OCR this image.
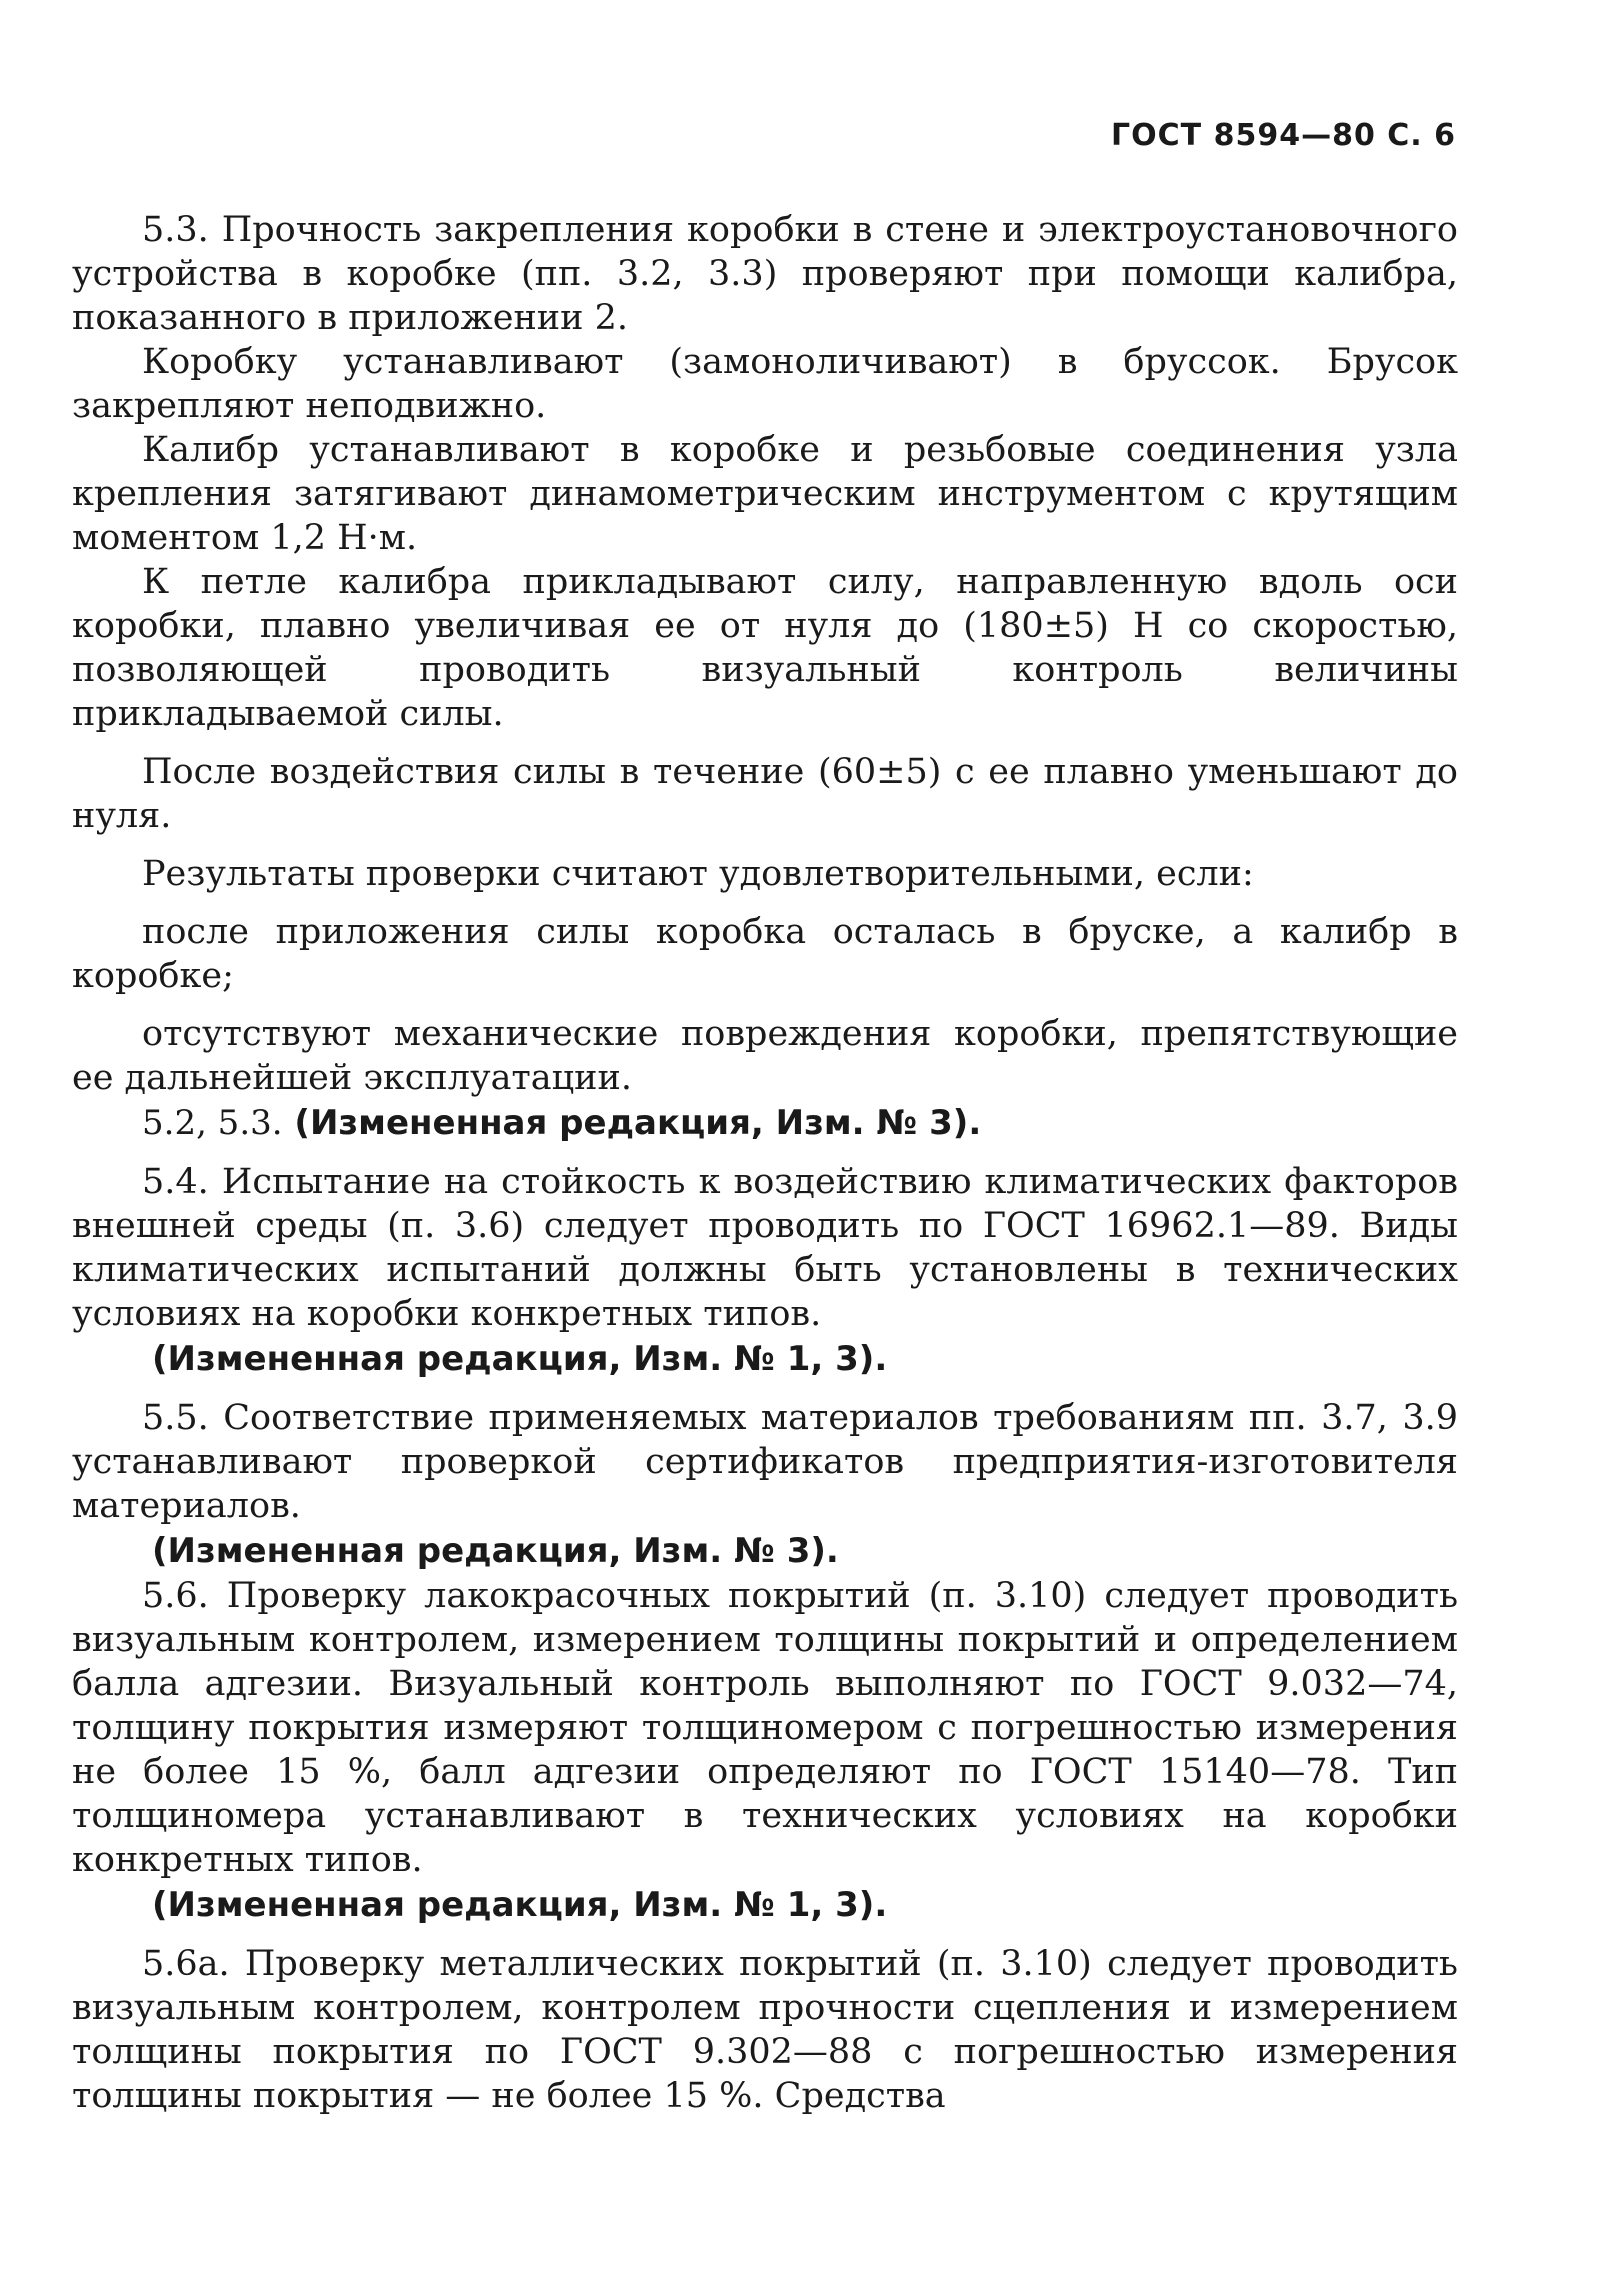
ГОСТ 8594—80 С. 6

5.3. Прочность закрепления коробки в стене и электроустановочного устройства в коробке (пп. 3.2, 3.3) проверяют при помощи калибра, показанного в приложении 2.

Коробку устанавливают (замоноличивают) в бруссок. Брусок закрепляют неподвижно.

Калибр устанавливают в коробке и резьбовые соединения узла крепления затягивают динамометрическим инструментом с крутящим моментом 1,2 Н·м.

К петле калибра прикладывают силу, направленную вдоль оси коробки, плавно увеличивая ее от нуля до (180±5) Н со скоростью, позволяющей проводить визуальный контроль величины прикладываемой силы.

После воздействия силы в течение (60±5) с ее плавно уменьшают до нуля.

Результаты проверки считают удовлетворительными, если:

после приложения силы коробка осталась в бруске, а калибр в коробке;

отсутствуют механические повреждения коробки, препятствующие ее дальнейшей эксплуатации.

5.2, 5.3. (Измененная редакция, Изм. № 3).

5.4. Испытание на стойкость к воздействию климатических факторов внешней среды (п. 3.6) следует проводить по ГОСТ 16962.1—89. Виды климатических испытаний должны быть установлены в технических условиях на коробки конкретных типов.

(Измененная редакция, Изм. № 1, 3).

5.5. Соответствие применяемых материалов требованиям пп. 3.7, 3.9 устанавливают проверкой сертификатов предприятия-изготовителя материалов.

(Измененная редакция, Изм. № 3).

5.6. Проверку лакокрасочных покрытий (п. 3.10) следует проводить визуальным контролем, измерением толщины покрытий и определением балла адгезии. Визуальный контроль выполняют по ГОСТ 9.032—74, толщину покрытия измеряют толщиномером с погрешностью измерения не более 15 %, балл адгезии определяют по ГОСТ 15140—78. Тип толщиномера устанавливают в технических условиях на коробки конкретных типов.

(Измененная редакция, Изм. № 1, 3).

5.6а. Проверку металлических покрытий (п. 3.10) следует проводить визуальным контролем, контролем прочности сцепления и измерением толщины покрытия по ГОСТ 9.302—88 с погрешностью измерения толщины покрытия — не более 15 %. Средства
